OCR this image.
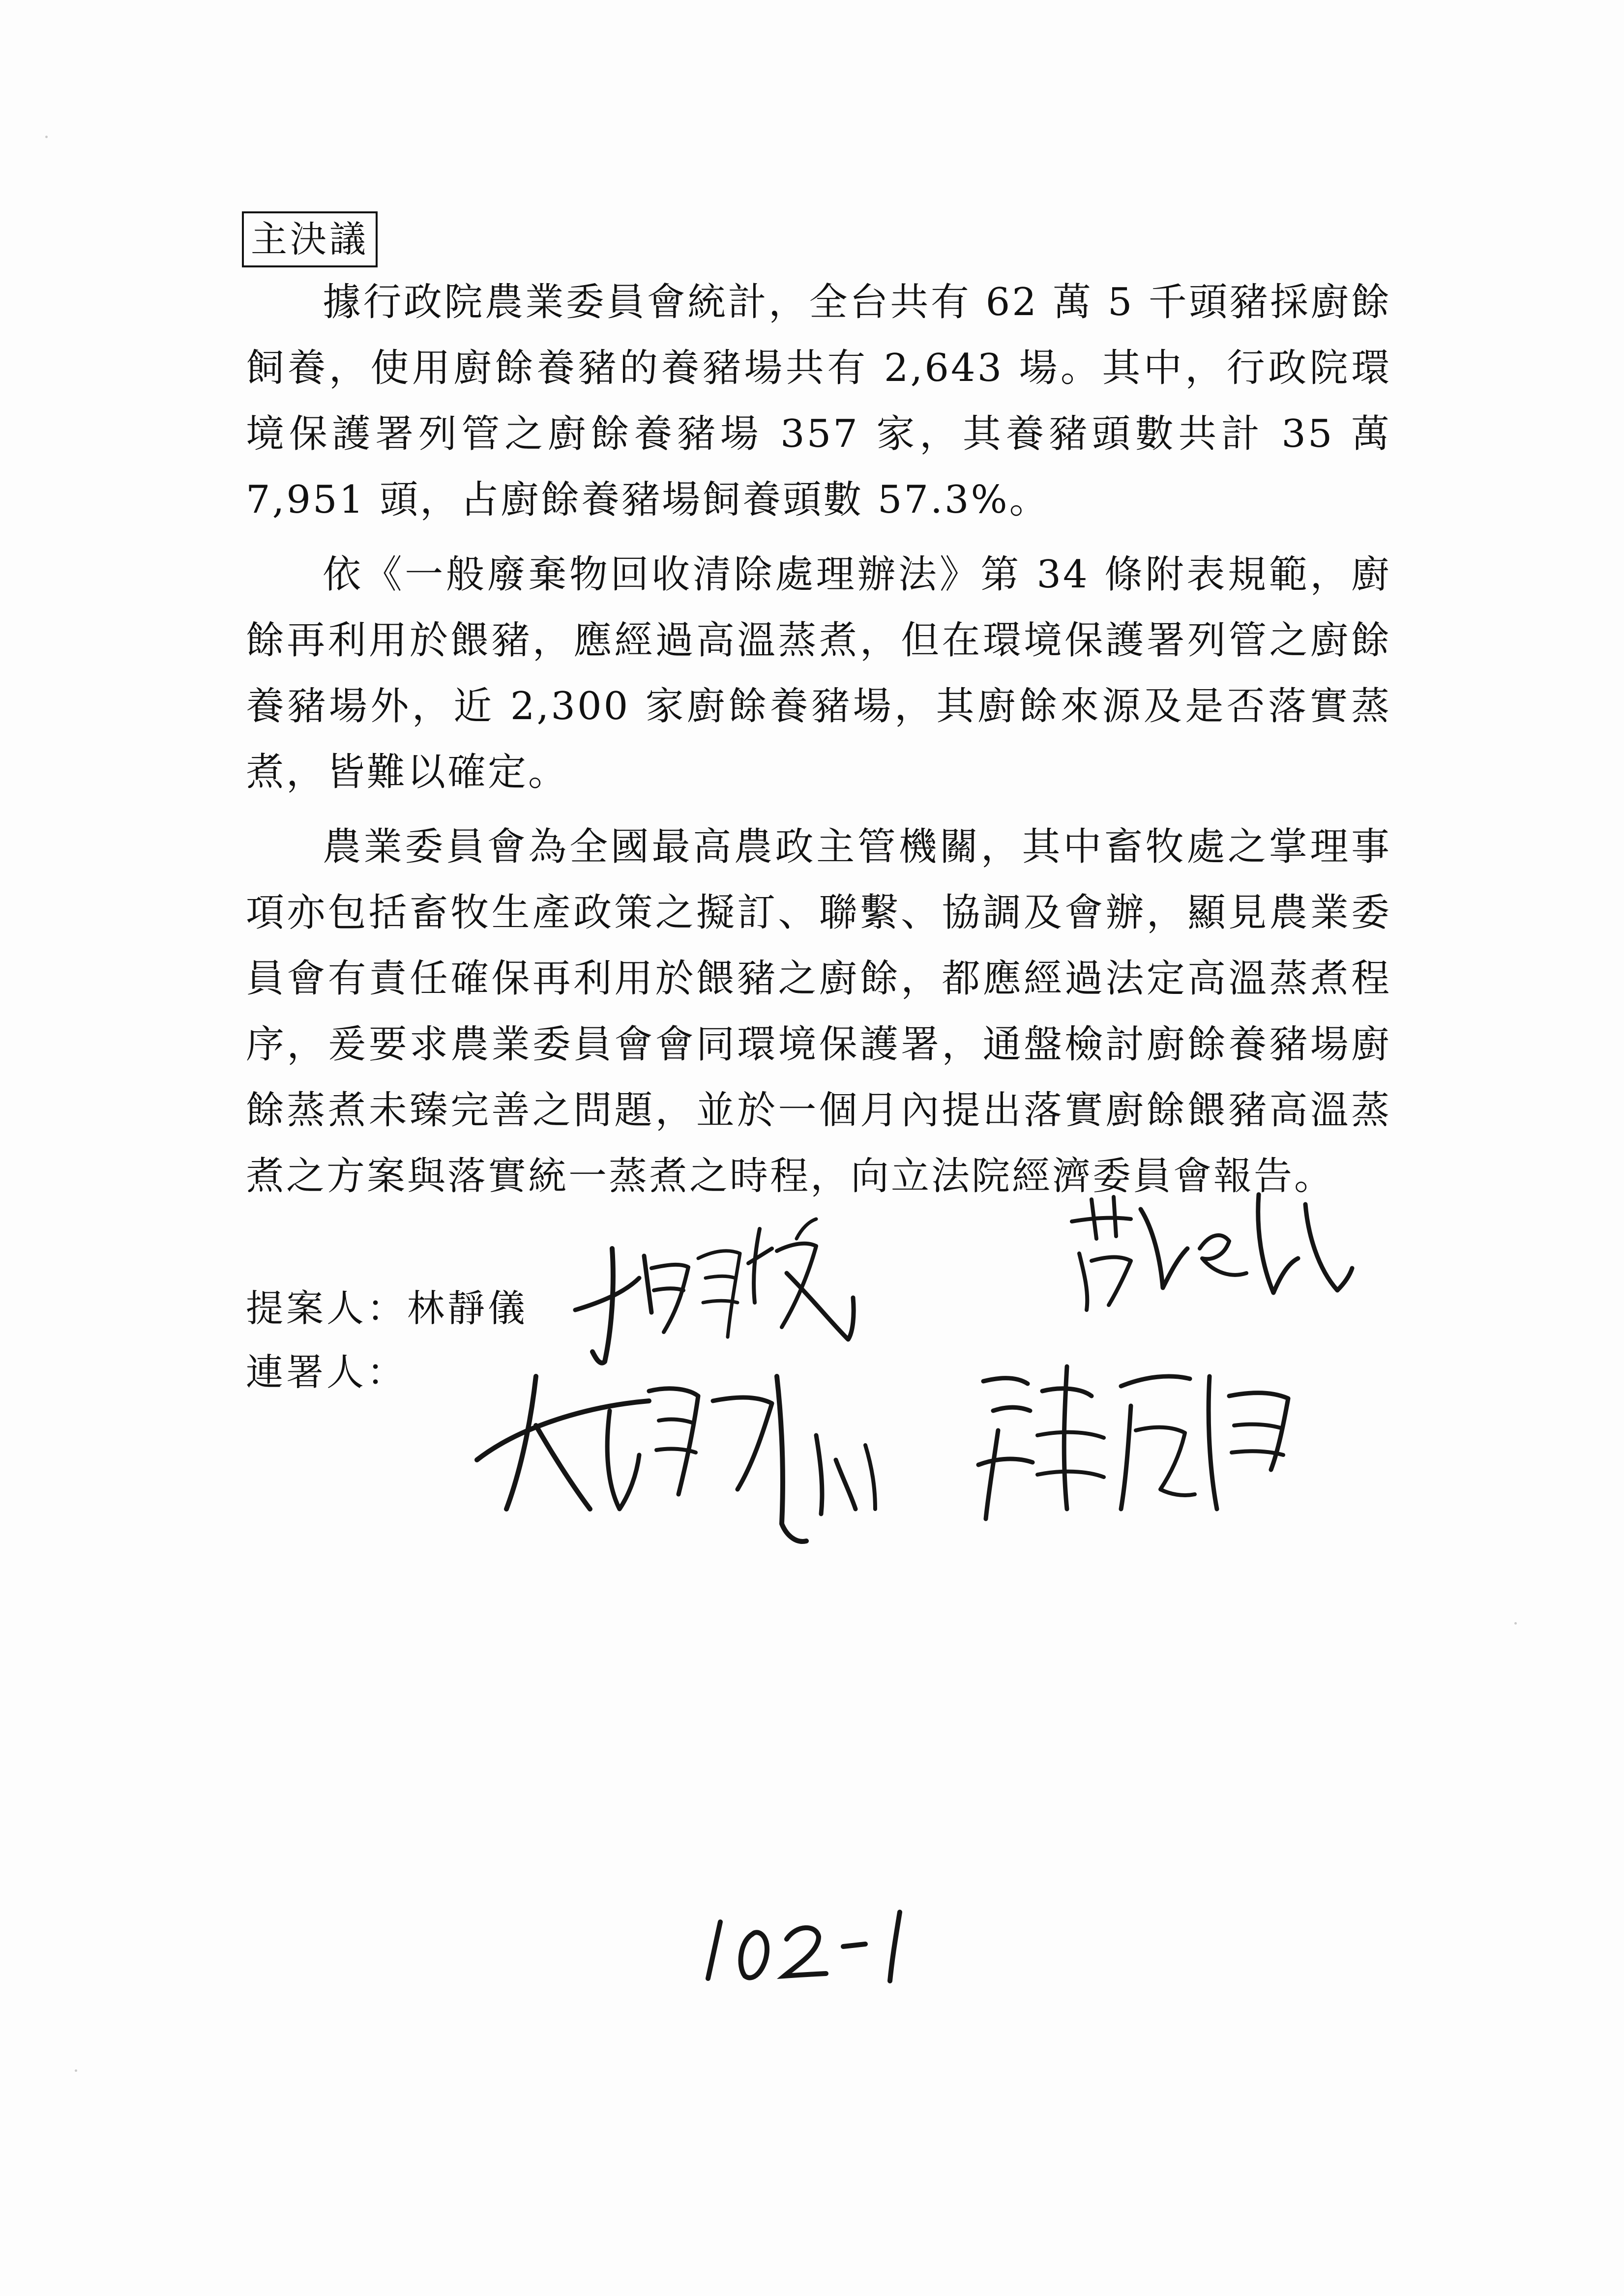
主決議

據行政院農業委員會統計，全台共有 62 萬 5 千頭豬採廚餘飼養，使用廚餘養豬的養豬場共有 2,643 場。其中，行政院環境保護署列管之廚餘養豬場 357 家，其養豬頭數共計 35 萬 7,951 頭，占廚餘養豬場飼養頭數 57.3%。

依《一般廢棄物回收清除處理辦法》第 34 條附表規範，廚餘再利用於餵豬，應經過高溫蒸煮，但在環境保護署列管之廚餘養豬場外，近 2,300 家廚餘養豬場，其廚餘來源及是否落實蒸煮，皆難以確定。

農業委員會為全國最高農政主管機關，其中畜牧處之掌理事項亦包括畜牧生產政策之擬訂、聯繫、協調及會辦，顯見農業委員會有責任確保再利用於餵豬之廚餘，都應經過法定高溫蒸煮程序，爰要求農業委員會會同環境保護署，通盤檢討廚餘養豬場廚餘蒸煮未臻完善之問題，並於一個月內提出落實廚餘餵豬高溫蒸煮之方案與落實統一蒸煮之時程，向立法院經濟委員會報告。

提案人：林靜儀
連署人：
